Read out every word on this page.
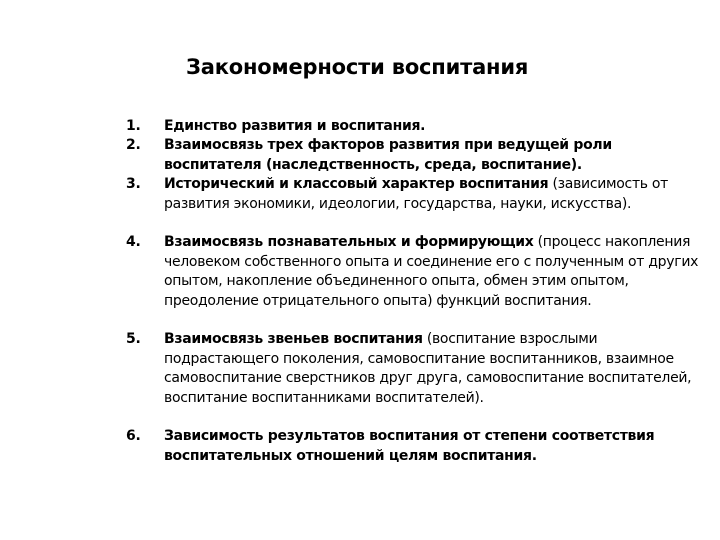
Закономерности воспитания
1.	Единство развития и воспитания.
2.	Взаимосвязь трех факторов развития при ведущей роли воспитателя (наследственность, среда, воспитание).
3.	Исторический и классовый характер воспитания (зависимость от развития экономики, идеологии, государства, науки, искусства).
4.	Взаимосвязь познавательных и формирующих (процесс накопления человеком собственного опыта и соединение его с полученным от других опытом, накопление объединенного опыта, обмен этим опытом, преодоление отрицательного опыта) функций воспитания.
5.	Взаимосвязь звеньев воспитания (воспитание взрослыми подрастающего поколения, самовоспитание воспитанников, взаимное самовоспитание сверстников друг друга, самовоспитание воспитателей, воспитание воспитанниками воспитателей).
6.	Зависимость результатов воспитания от степени соответствия воспитательных отношений целям воспитания.
